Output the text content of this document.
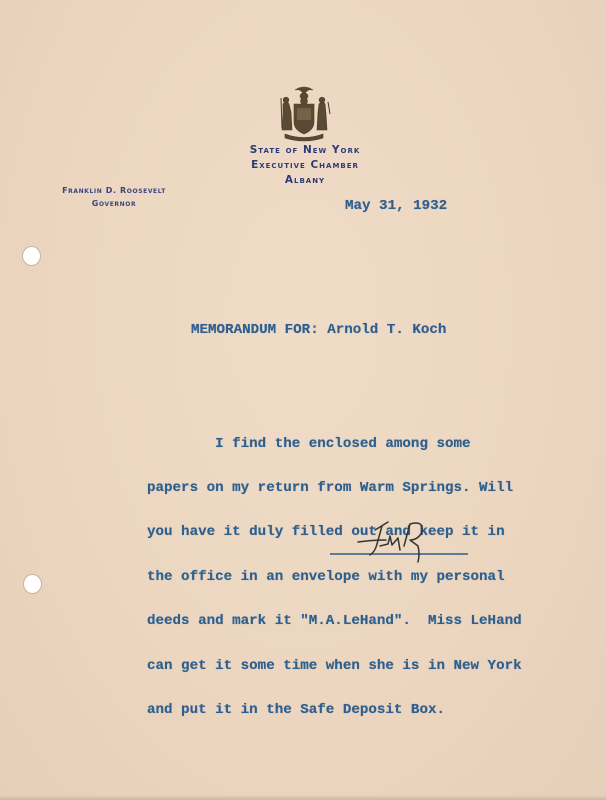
State of New York
Executive Chamber
Albany
Franklin D. Roosevelt
Governor	May 31, 1932
MEMORANDUM FOR: Arnold T. Koch

I find the enclosed among some

papers on my return from Warm Springs. Will

you have it duly filled out and keep it in

the office in an envelope with my personal

deeds and mark it "M.A.LeHand".  Miss LeHand

can get it some time when she is in New York

and put it in the Safe Deposit Box.
